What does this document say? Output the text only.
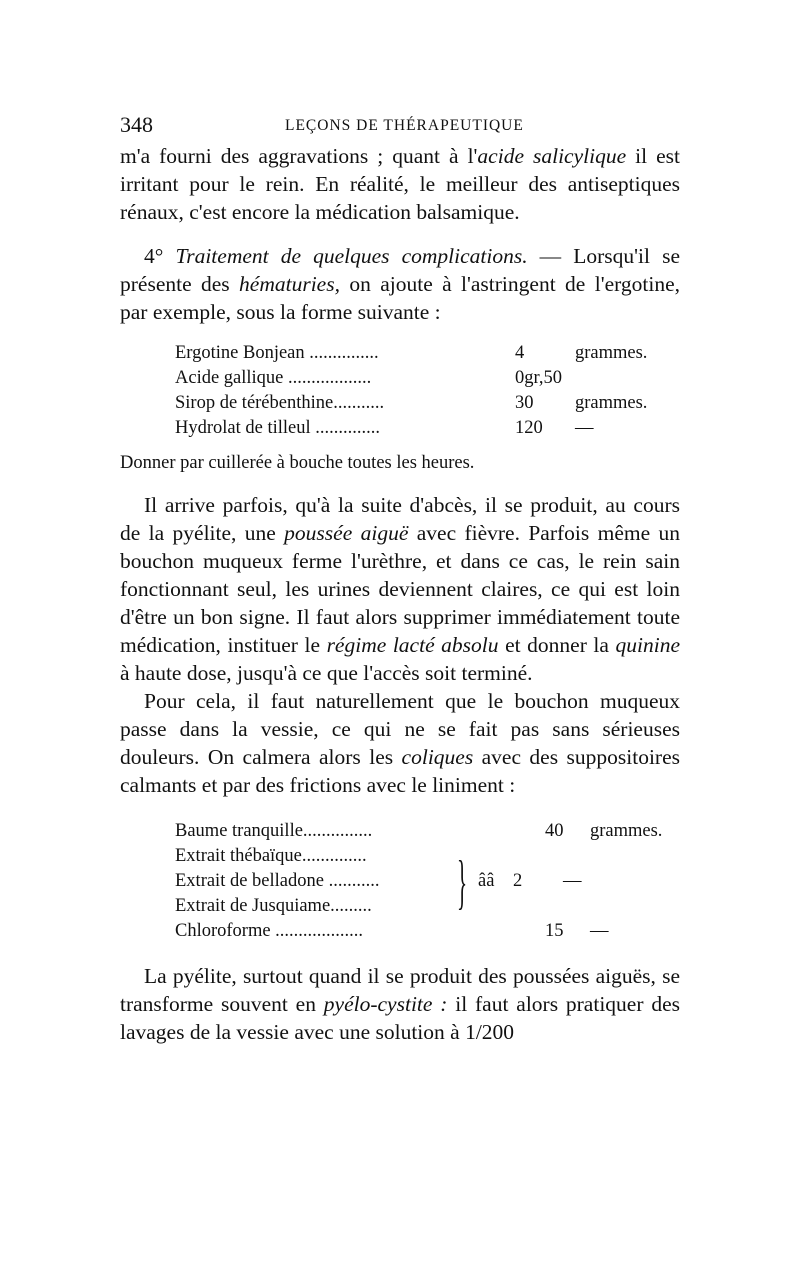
348	LEÇONS DE THÉRAPEUTIQUE

m'a fourni des aggravations ; quant à l'acide salicylique il est irritant pour le rein. En réalité, le meilleur des antiseptiques rénaux, c'est encore la médication balsamique.

4° Traitement de quelques complications. — Lorsqu'il se présente des hématuries, on ajoute à l'astringent de l'ergotine, par exemple, sous la forme suivante :

Ergotine Bonjean ...............	4	grammes.
Acide gallique ..................	0gr,50
Sirop de térébenthine...........	30 grammes.
Hydrolat de tilleul ..............	120 —

Donner par cuillerée à bouche toutes les heures.

Il arrive parfois, qu'à la suite d'abcès, il se produit, au cours de la pyélite, une poussée aiguë avec fièvre. Parfois même un bouchon muqueux ferme l'urèthre, et dans ce cas, le rein sain fonctionnant seul, les urines deviennent claires, ce qui est loin d'être un bon signe. Il faut alors supprimer immédiatement toute médication, instituer le régime lacté absolu et donner la quinine à haute dose, jusqu'à ce que l'accès soit terminé.

Pour cela, il faut naturellement que le bouchon muqueux passe dans la vessie, ce qui ne se fait pas sans sérieuses douleurs. On calmera alors les coliques avec des suppositoires calmants et par des frictions avec le liniment :

Baume tranquille...............	40 grammes.
Extrait thébaïque..............
Extrait de belladone ...........
Extrait de Jusquiame.........	} ââ 2 —
Chloroforme ...................	15 —

La pyélite, surtout quand il se produit des poussées aiguës, se transforme souvent en pyélo-cystite : il faut alors pratiquer des lavages de la vessie avec une solution à 1/200
